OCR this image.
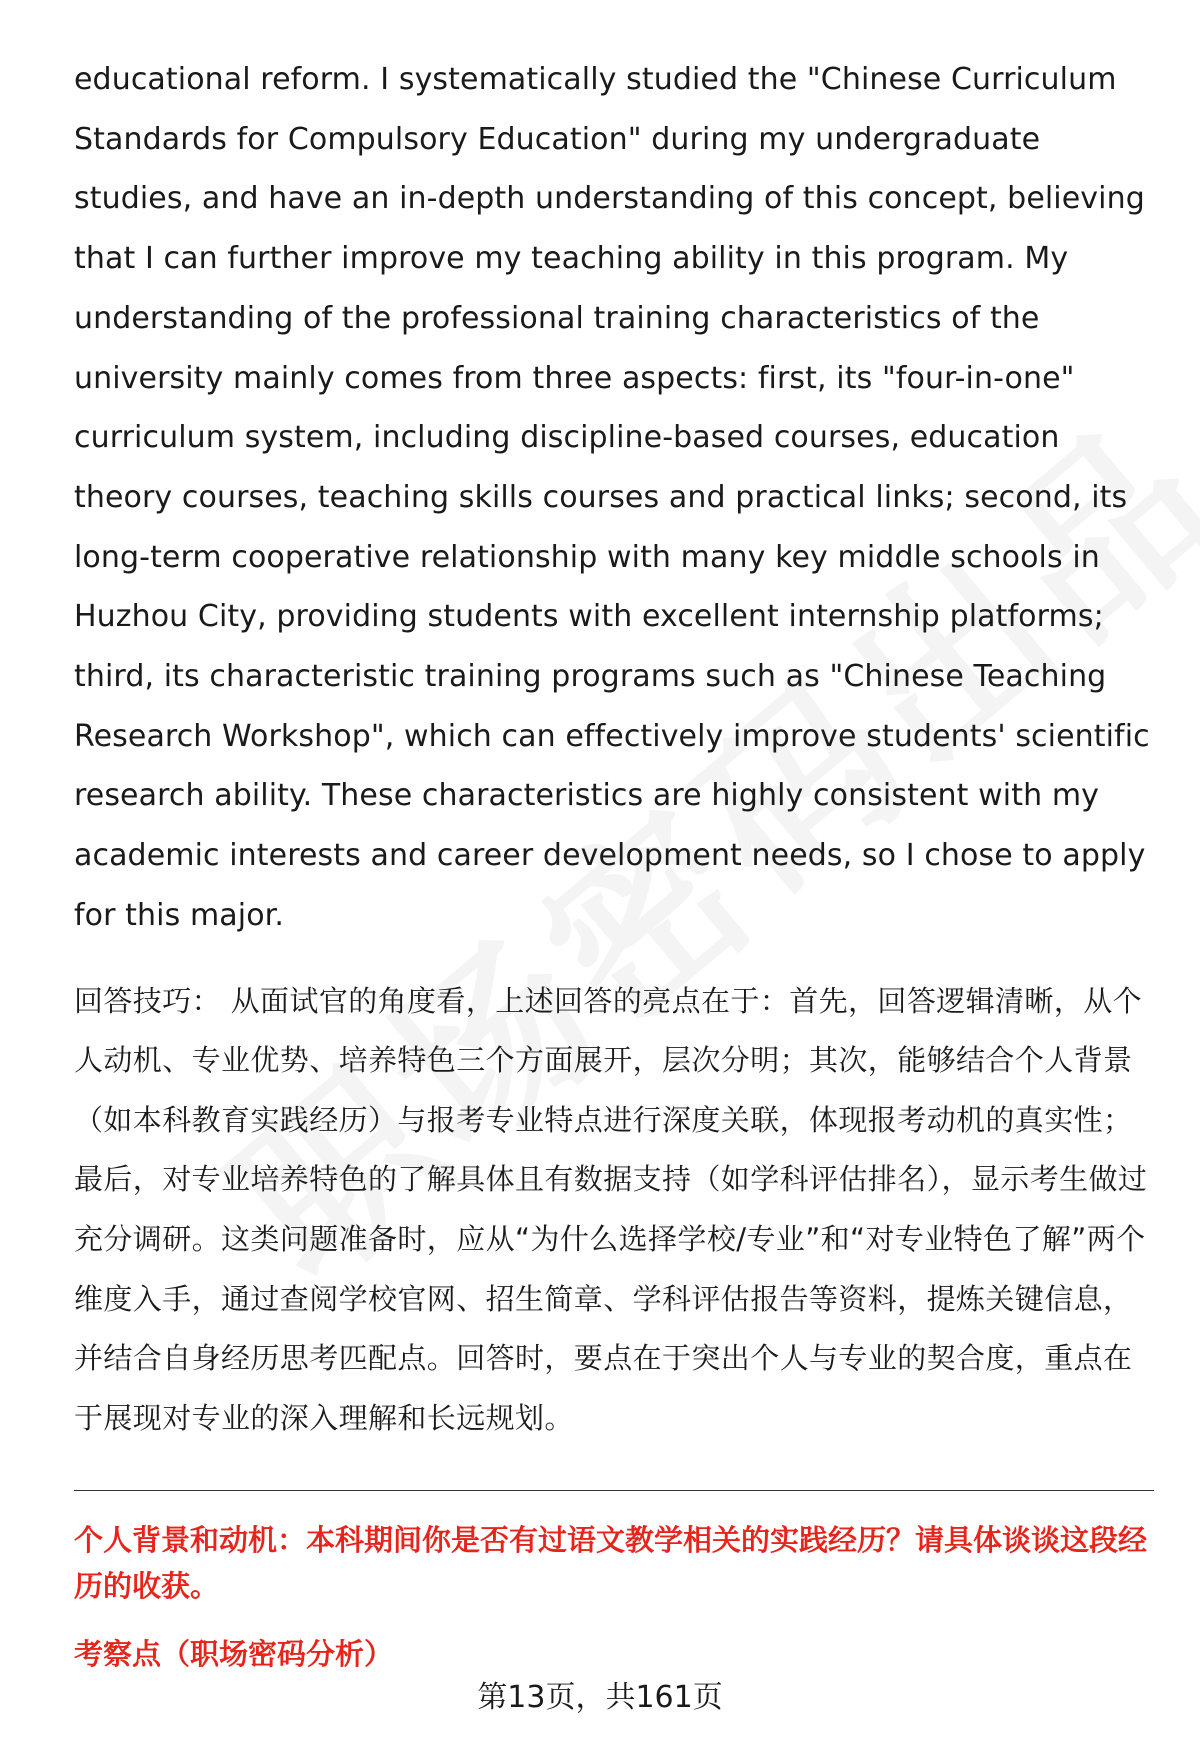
educational reform. I systematically studied the "Chinese Curriculum Standards for Compulsory Education" during my undergraduate studies, and have an in-depth understanding of this concept, believing that I can further improve my teaching ability in this program. My understanding of the professional training characteristics of the university mainly comes from three aspects: first, its "four-in-one" curriculum system, including discipline-based courses, education theory courses, teaching skills courses and practical links; second, its long-term cooperative relationship with many key middle schools in Huzhou City, providing students with excellent internship platforms; third, its characteristic training programs such as "Chinese Teaching Research Workshop", which can effectively improve students' scientific research ability. These characteristics are highly consistent with my academic interests and career development needs, so I chose to apply for this major.

回答技巧： 从面试官的角度看，上述回答的亮点在于：首先，回答逻辑清晰，从个人动机、专业优势、培养特色三个方面展开，层次分明；其次，能够结合个人背景（如本科教育实践经历）与报考专业特点进行深度关联，体现报考动机的真实性；最后，对专业培养特色的了解具体且有数据支持（如学科评估排名），显示考生做过充分调研。这类问题准备时，应从“为什么选择学校/专业”和“对专业特色了解”两个维度入手，通过查阅学校官网、招生简章、学科评估报告等资料，提炼关键信息，并结合自身经历思考匹配点。回答时，要点在于突出个人与专业的契合度，重点在于展现对专业的深入理解和长远规划。

个人背景和动机：本科期间你是否有过语文教学相关的实践经历？请具体谈谈这段经历的收获。

考察点（职场密码分析）

第13页，共161页
